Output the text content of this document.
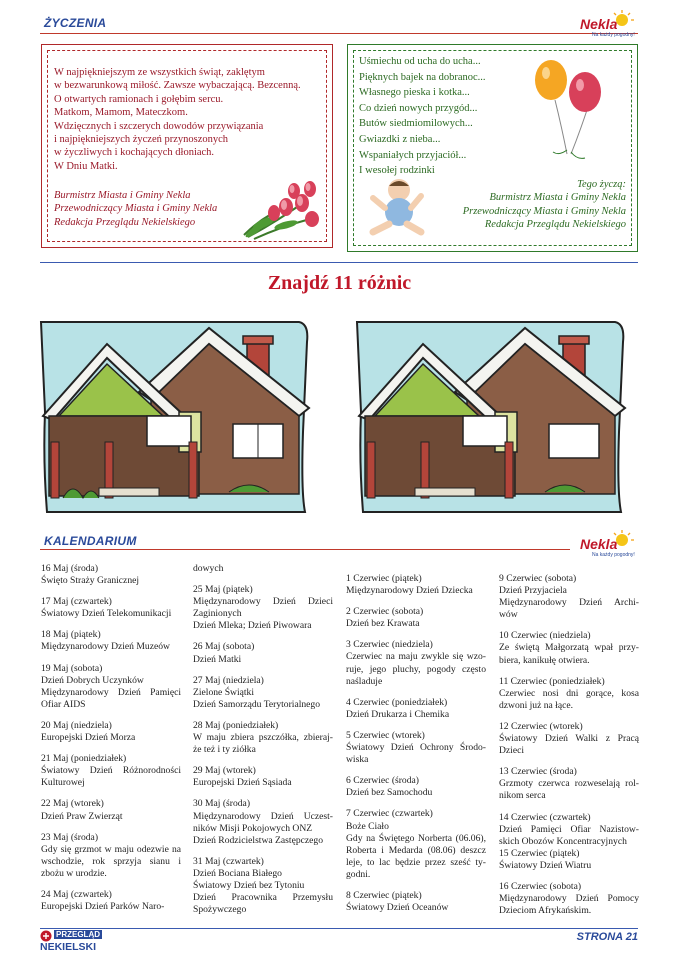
ŻYCZENIA	Nekla
Na każdy pogodny!
W najpiękniejszym ze wszystkich świąt, zaklętym
w bezwarunkową miłość. Zawsze wybaczającą. Bezcenną.
O otwartych ramionach i gołębim sercu.
Matkom, Mamom, Mateczkom.
Wdzięcznych i szczerych dowodów przywiązania
i najpiękniejszych życzeń przynoszonych
w życzliwych i kochających dłoniach.
W Dniu Matki.
Burmistrz Miasta i Gminy Nekla
Przewodniczący Miasta i Gminy Nekla
Redakcja Przeglądu Nekielskiego
Uśmiechu od ucha do ucha...
Pięknych bajek na dobranoc...
Własnego pieska i kotka...
Co dzień nowych przygód...
Butów siedmiomilowych...
Gwiazdki z nieba...
Wspaniałych przyjaciół...
I wesołej rodzinki
Tego życzą:
Burmistrz Miasta i Gminy Nekla
Przewodniczący Miasta i Gminy Nekla
Redakcja Przeglądu Nekielskiego
Znajdź 11 różnic
KALENDARIUM	Nekla
Na każdy pogodny!
16 Maj (środa)
Święto Straży Granicznej
17 Maj (czwartek)
Światowy Dzień Telekomunikacji
18 Maj (piątek)
Międzynarodowy Dzień Muzeów
19 Maj (sobota)
Dzień Dobrych Uczynków
Międzynarodowy Dzień Pamięci Ofiar AIDS
20 Maj (niedziela)
Europejski Dzień Morza
21 Maj (poniedziałek)
Światowy Dzień Różnorodności Kulturowej
22 Maj (wtorek)
Dzień Praw Zwierząt
23 Maj (środa)
Gdy się grzmot w maju odezwie na wschodzie, rok sprzyja sianu i zbożu w urodzie.
24 Maj (czwartek)
Europejski Dzień Parków Naro-
dowych
25 Maj (piątek)
Międzynarodowy Dzień Dzieci Zaginionych
Dzień Mleka; Dzień Piwowara
26 Maj (sobota)
Dzień Matki
27 Maj (niedziela)
Zielone Świątki
Dzień Samorządu Terytorialnego
28 Maj (poniedziałek)
W maju zbiera pszczółka, zbieraj- że też i ty ziółka
29 Maj (wtorek)
Europejski Dzień Sąsiada
30 Maj (środa)
Międzynarodowy Dzień Uczest- ników Misji Pokojowych ONZ
Dzień Rodzicielstwa Zastępczego
31 Maj (czwartek)
Dzień Bociana Białego
Światowy Dzień bez Tytoniu
Dzień Pracownika Przemysłu Spożywczego
1 Czerwiec (piątek)
Międzynarodowy Dzień Dziecka
2 Czerwiec (sobota)
Dzień bez Krawata
3 Czerwiec (niedziela)
Czerwiec na maju zwykle się wzo- ruje, jego pluchy, pogody często naśladuje
4 Czerwiec (poniedziałek)
Dzień Drukarza i Chemika
5 Czerwiec (wtorek)
Światowy Dzień Ochrony Środo- wiska
6 Czerwiec (środa)
Dzień bez Samochodu
7 Czerwiec (czwartek)
Boże Ciało
Gdy na Świętego Norberta (06.06), Roberta i Medarda (08.06) deszcz leje, to lac będzie przez sześć ty- godni.
8 Czerwiec (piątek)
Światowy Dzień Oceanów
9 Czerwiec (sobota)
Dzień Przyjaciela
Międzynarodowy Dzień Archi- wów
10 Czerwiec (niedziela)
Ze świętą Małgorzatą wpał przy- biera, kanikułę otwiera.
11 Czerwiec (poniedziałek)
Czerwiec nosi dni gorące, kosa dzwoni już na łące.
12 Czerwiec (wtorek)
Światowy Dzień Walki z Pracą Dzieci
13 Czerwiec (środa)
Grzmoty czerwca rozweselają rol- nikom serca
14 Czerwiec (czwartek)
Dzień Pamięci Ofiar Nazistow- skich Obozów Koncentracyjnych
15 Czerwiec (piątek)
Światowy Dzień Wiatru
16 Czerwiec (sobota)
Międzynarodowy Dzień Pomocy Dzieciom Afrykańskim.
PRZEGLĄD
NEKIELSKI
STRONA 21
